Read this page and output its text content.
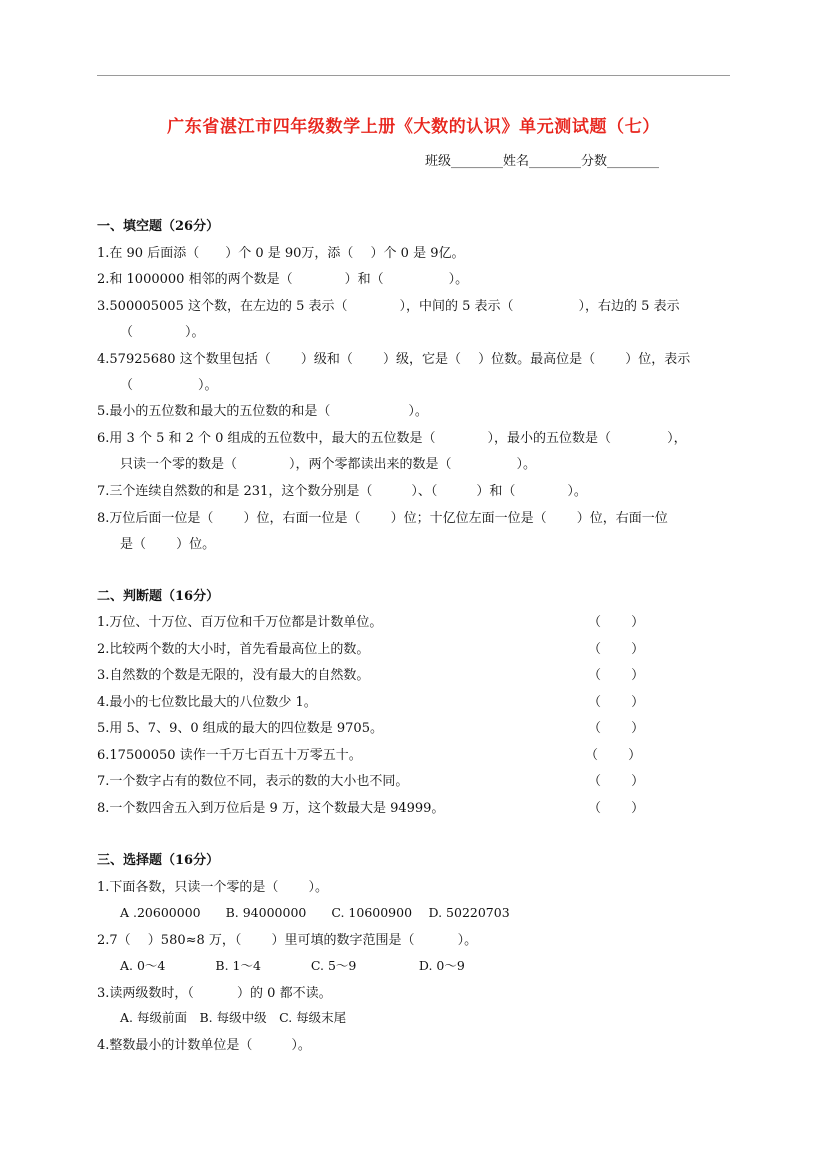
广东省湛江市四年级数学上册《大数的认识》单元测试题（七）
班级________姓名________分数________
一、填空题（26分）
1.在 90 后面添（　　）个 0 是 90万，添（　 ）个 0 是 9亿。
2.和 1000000 相邻的两个数是（　　　　）和（　　　　　）。
3.500005005 这个数，在左边的 5 表示（　　　　），中间的 5 表示（　　　　　），右边的 5 表示
（　　　　）。
4.57925680 这个数里包括（　　 ）级和（　　 ）级，它是（　 ）位数。最高位是（　　 ）位，表示
（　　　　　）。
5.最小的五位数和最大的五位数的和是（　　　　　　）。
6.用 3 个 5 和 2 个 0 组成的五位数中，最大的五位数是（　　　　），最小的五位数是（　　　　 ），
只读一个零的数是（　　　　），两个零都读出来的数是（　　　　　）。
7.三个连续自然数的和是 231，这个数分别是（　　　）、（　　　）和（　　　　）。
8.万位后面一位是（　　 ）位，右面一位是（　　 ）位；十亿位左面一位是（　　 ）位，右面一位
是（　　 ）位。
二、判断题（16分）
1.万位、十万位、百万位和千万位都是计数单位。	（　　 ）
2.比较两个数的大小时，首先看最高位上的数。	（　　 ）
3.自然数的个数是无限的，没有最大的自然数。	（　　 ）
4.最小的七位数比最大的八位数少 1。	（　　 ）
5.用 5、7、9、0 组成的最大的四位数是 9705。	（　　 ）
6.17500050 读作一千万七百五十万零五十。	（　　 ）
7.一个数字占有的数位不同，表示的数的大小也不同。	（　　 ）
8.一个数四舍五入到万位后是 9 万，这个数最大是 94999。	（　　 ）
三、选择题（16分）
1.下面各数，只读一个零的是（　　 ）。
A .20600000　　B. 94000000　　C. 10600900　 D. 50220703
2.7（　 ）580≈8 万，（　　 ）里可填的数字范围是（　　　 ）。
A. 0～4　　　　B. 1～4　　　　C. 5～9　　　　　D. 0～9
3.读两级数时，（　　　 ）的 0 都不读。
A. 每级前面　B. 每级中级　C. 每级末尾
4.整数最小的计数单位是（　　　）。
